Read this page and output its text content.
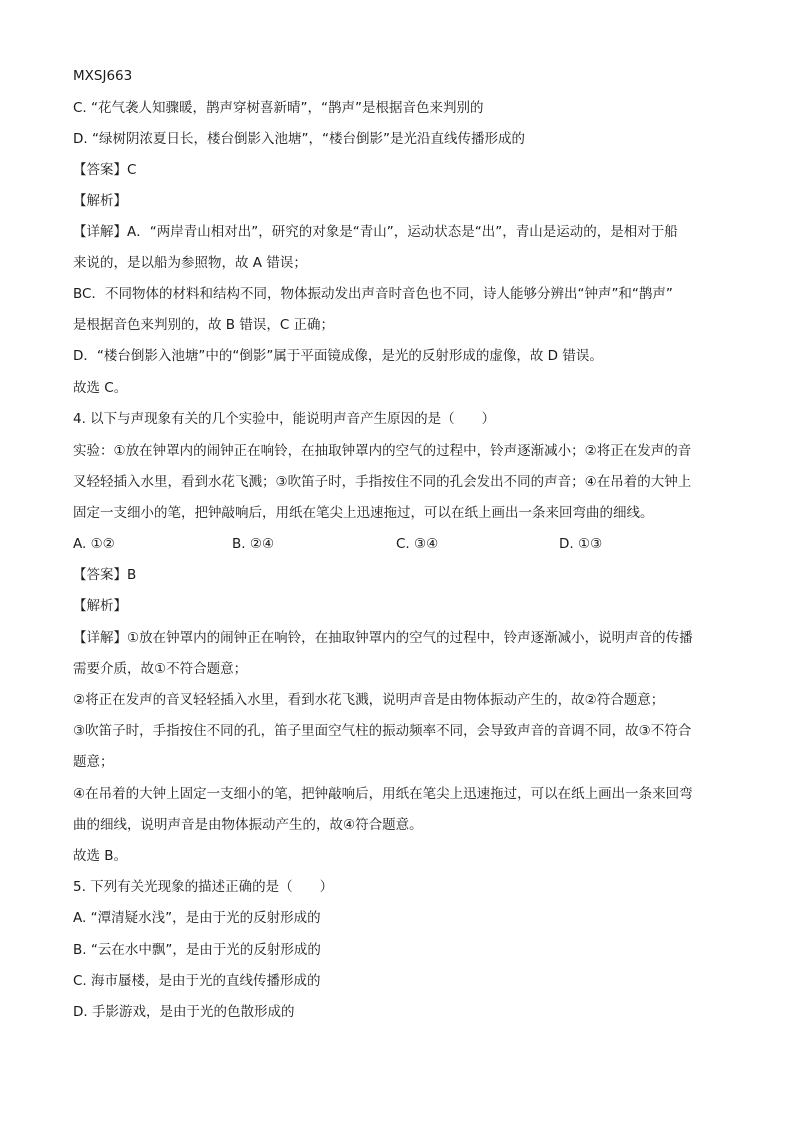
MXSJ663
C. “花气袭人知骤暖，鹊声穿树喜新晴”，“鹊声”是根据音色来判别的
D. “绿树阴浓夏日长，楼台倒影入池塘”，“楼台倒影”是光沿直线传播形成的
【答案】C
【解析】
【详解】A．“两岸青山相对出”，研究的对象是“青山”，运动状态是“出”，青山是运动的，是相对于船
来说的，是以船为参照物，故 A 错误；
BC．不同物体的材料和结构不同，物体振动发出声音时音色也不同，诗人能够分辨出“钟声”和“鹊声”
是根据音色来判别的，故 B 错误，C 正确；
D．“楼台倒影入池塘”中的“倒影”属于平面镜成像，是光的反射形成的虚像，故 D 错误。
故选 C。
4. 以下与声现象有关的几个实验中，能说明声音产生原因的是（　　）
实验：①放在钟罩内的闹钟正在响铃，在抽取钟罩内的空气的过程中，铃声逐渐减小；②将正在发声的音
叉轻轻插入水里，看到水花飞溅；③吹笛子时，手指按住不同的孔会发出不同的声音；④在吊着的大钟上
固定一支细小的笔，把钟敲响后，用纸在笔尖上迅速拖过，可以在纸上画出一条来回弯曲的细线。
A. ①②	B. ②④	C. ③④	D. ①③
【答案】B
【解析】
【详解】①放在钟罩内的闹钟正在响铃，在抽取钟罩内的空气的过程中，铃声逐渐减小，说明声音的传播
需要介质，故①不符合题意；
②将正在发声的音叉轻轻插入水里，看到水花飞溅，说明声音是由物体振动产生的，故②符合题意；
③吹笛子时，手指按住不同的孔，笛子里面空气柱的振动频率不同，会导致声音的音调不同，故③不符合
题意；
④在吊着的大钟上固定一支细小的笔，把钟敲响后，用纸在笔尖上迅速拖过，可以在纸上画出一条来回弯
曲的细线，说明声音是由物体振动产生的，故④符合题意。
故选 B。
5. 下列有关光现象的描述正确的是（　　）
A. “潭清疑水浅”，是由于光的反射形成的
B. “云在水中飘”，是由于光的反射形成的
C. 海市蜃楼，是由于光的直线传播形成的
D. 手影游戏，是由于光的色散形成的
